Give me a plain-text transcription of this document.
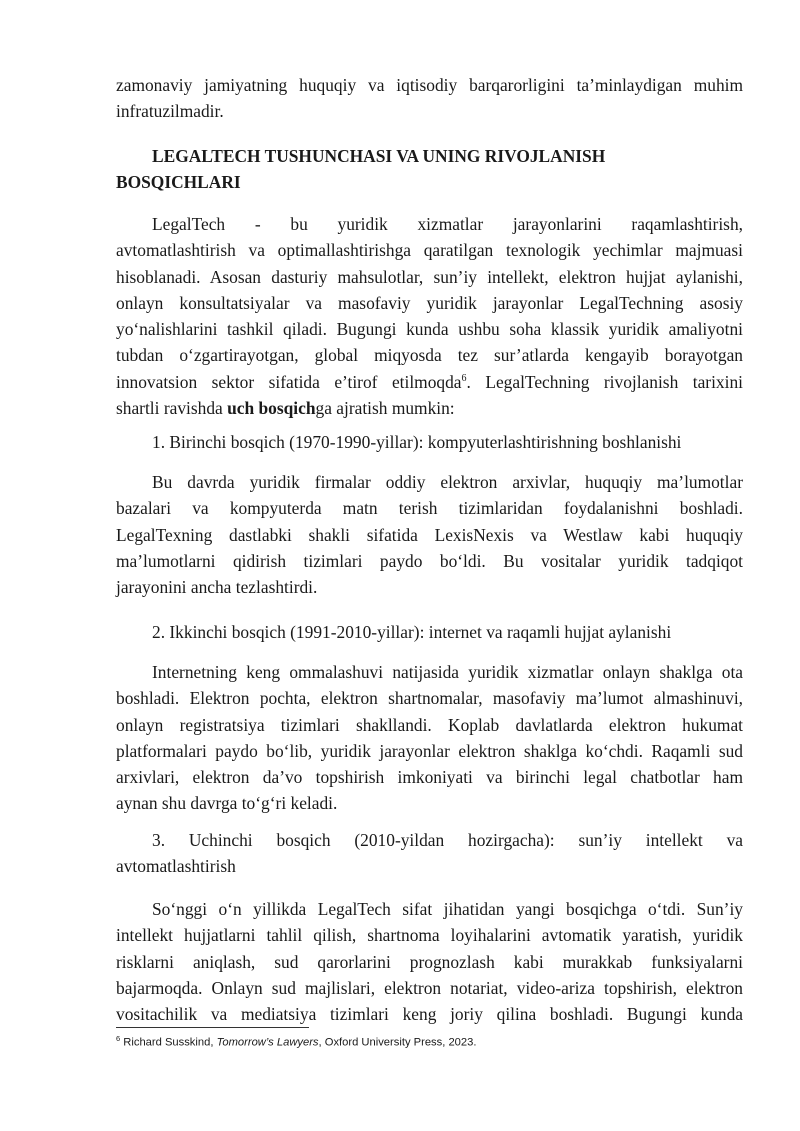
zamonaviy jamiyatning huquqiy va iqtisodiy barqarorligini ta’minlaydigan muhim
infratuzilmadir.
LEGALTECH TUSHUNCHASI VA UNING RIVOJLANISH
BOSQICHLARI
LegalTech - bu yuridik xizmatlar jarayonlarini raqamlashtirish,
avtomatlashtirish va optimallashtirishga qaratilgan texnologik yechimlar majmuasi
hisoblanadi. Asosan dasturiy mahsulotlar, sun’iy intellekt, elektron hujjat aylanishi,
onlayn konsultatsiyalar va masofaviy yuridik jarayonlar LegalTechning asosiy
yo‘nalishlarini tashkil qiladi. Bugungi kunda ushbu soha klassik yuridik amaliyotni
tubdan o‘zgartirayotgan, global miqyosda tez sur’atlarda kengayib borayotgan
innovatsion sektor sifatida e’tirof etilmoqda$^6$. LegalTechning rivojlanish tarixini
shartli ravishda uch bosqichga ajratish mumkin:
1. Birinchi bosqich (1970-1990-yillar): kompyuterlashtirishning boshlanishi
Bu davrda yuridik firmalar oddiy elektron arxivlar, huquqiy ma’lumotlar
bazalari va kompyuterda matn terish tizimlaridan foydalanishni boshladi.
LegalTexning dastlabki shakli sifatida LexisNexis va Westlaw kabi huquqiy
ma’lumotlarni qidirish tizimlari paydo bo‘ldi. Bu vositalar yuridik tadqiqot
jarayonini ancha tezlashtirdi.
2. Ikkinchi bosqich (1991-2010-yillar): internet va raqamli hujjat aylanishi
Internetning keng ommalashuvi natijasida yuridik xizmatlar onlayn shaklga ota
boshladi. Elektron pochta, elektron shartnomalar, masofaviy ma’lumot almashinuvi,
onlayn registratsiya tizimlari shakllandi. Koplab davlatlarda elektron hukumat
platformalari paydo bo‘lib, yuridik jarayonlar elektron shaklga ko‘chdi. Raqamli sud
arxivlari, elektron da’vo topshirish imkoniyati va birinchi legal chatbotlar ham
aynan shu davrga to‘g‘ri keladi.
3. Uchinchi bosqich (2010-yildan hozirgacha): sun’iy intellekt va
avtomatlashtirish
So‘nggi o‘n yillikda LegalTech sifat jihatidan yangi bosqichga o‘tdi. Sun’iy
intellekt hujjatlarni tahlil qilish, shartnoma loyihalarini avtomatik yaratish, yuridik
risklarni aniqlash, sud qarorlarini prognozlash kabi murakkab funksiyalarni
bajarmoqda. Onlayn sud majlislari, elektron notariat, video-ariza topshirish, elektron
vositachilik va mediatsiya tizimlari keng joriy qilina boshladi. Bugungi kunda
$^6$ Richard Susskind, Tomorrow’s Lawyers, Oxford University Press, 2023.
